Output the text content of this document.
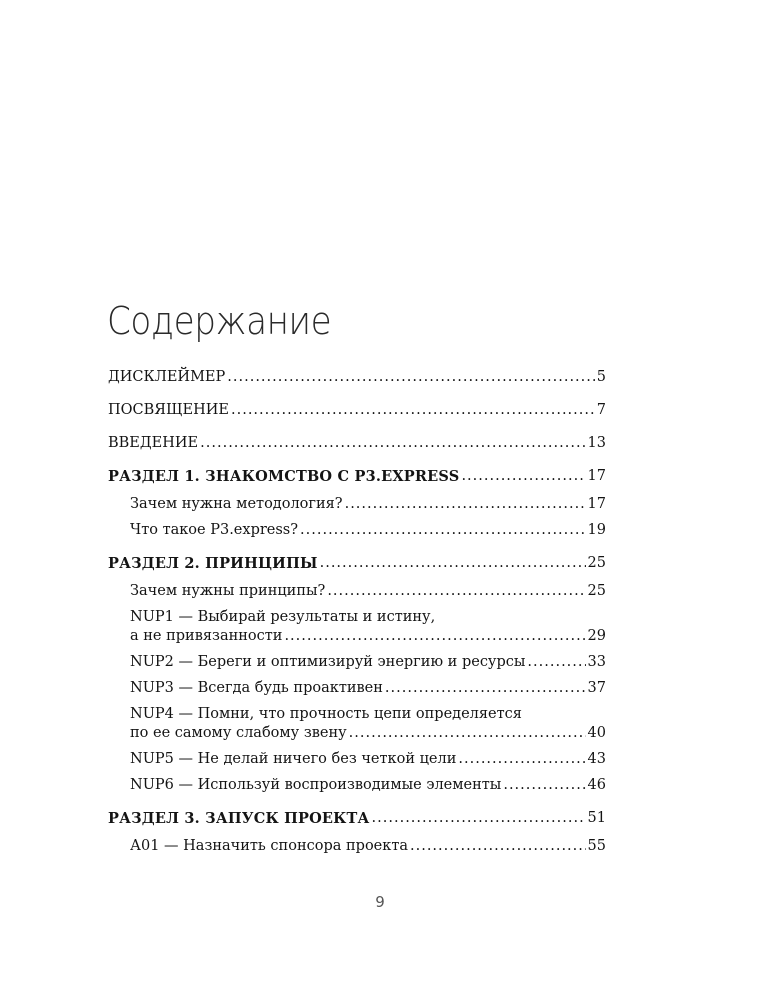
Содержание
ДИСКЛЕЙМЕР .....	5
ПОСВЯЩЕНИЕ .....	7
ВВЕДЕНИЕ .....	13
РАЗДЕЛ 1. ЗНАКОМСТВО С P3.EXPRESS .....	17
Зачем нужна методология? .....	17
Что такое P3.express? .....	19
РАЗДЕЛ 2. ПРИНЦИПЫ .....	25
Зачем нужны принципы? .....	25
NUP1 — Выбирай результаты и истину,
а не привязанности .....	29
NUP2 — Береги и оптимизируй энергию и ресурсы .....	33
NUP3 — Всегда будь проактивен .....	37
NUP4 — Помни, что прочность цепи определяется
по ее самому слабому звену .....	40
NUP5 — Не делай ничего без четкой цели .....	43
NUP6 — Используй воспроизводимые элементы .....	46
РАЗДЕЛ 3. ЗАПУСК ПРОЕКТА .....	51
А01 — Назначить спонсора проекта .....	55
9
